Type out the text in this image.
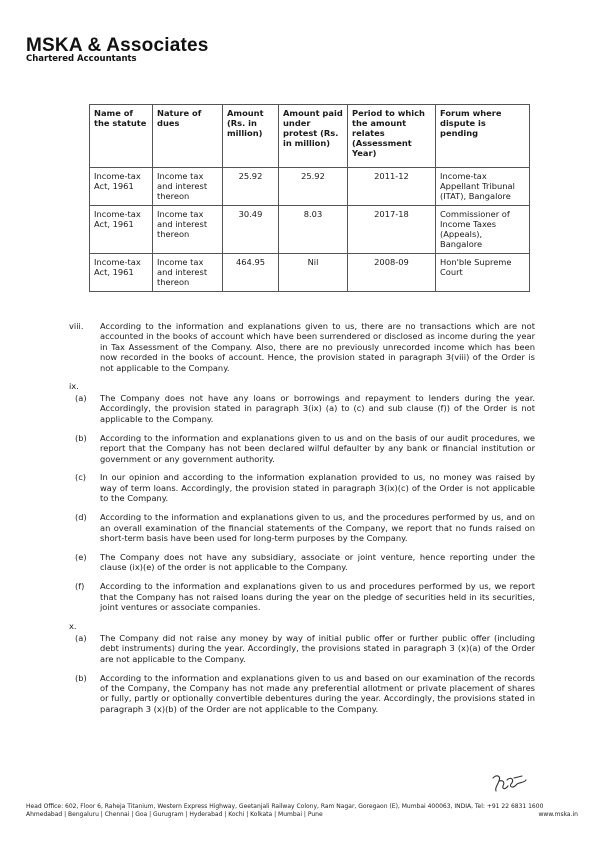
MSKA & Associates
Chartered Accountants
Name of the statute	Nature of dues	Amount (Rs. in million)	Amount paid under protest (Rs. in million)	Period to which the amount relates (Assessment Year)	Forum where dispute is pending
Income-tax Act, 1961	Income tax and interest thereon	25.92	25.92	2011-12	Income-tax Appellant Tribunal (ITAT), Bangalore
Income-tax Act, 1961	Income tax and interest thereon	30.49	8.03	2017-18	Commissioner of Income Taxes (Appeals), Bangalore
Income-tax Act, 1961	Income tax and interest thereon	464.95	Nil	2008-09	Hon'ble Supreme Court
viii.	According to the information and explanations given to us, there are no transactions which are not accounted in the books of account which have been surrendered or disclosed as income during the year in Tax Assessment of the Company. Also, there are no previously unrecorded income which has been now recorded in the books of account. Hence, the provision stated in paragraph 3(viii) of the Order is not applicable to the Company.
ix.
(a)	The Company does not have any loans or borrowings and repayment to lenders during the year. Accordingly, the provision stated in paragraph 3(ix) (a) to (c) and sub clause (f)) of the Order is not applicable to the Company.
(b)	According to the information and explanations given to us and on the basis of our audit procedures, we report that the Company has not been declared wilful defaulter by any bank or financial institution or government or any government authority.
(c)	In our opinion and according to the information explanation provided to us, no money was raised by way of term loans. Accordingly, the provision stated in paragraph 3(ix)(c) of the Order is not applicable to the Company.
(d)	According to the information and explanations given to us, and the procedures performed by us, and on an overall examination of the financial statements of the Company, we report that no funds raised on short-term basis have been used for long-term purposes by the Company.
(e)	The Company does not have any subsidiary, associate or joint venture, hence reporting under the clause (ix)(e) of the order is not applicable to the Company.
(f)	According to the information and explanations given to us and procedures performed by us, we report that the Company has not raised loans during the year on the pledge of securities held in its securities, joint ventures or associate companies.
x.
(a)	The Company did not raise any money by way of initial public offer or further public offer (including debt instruments) during the year. Accordingly, the provisions stated in paragraph 3 (x)(a) of the Order are not applicable to the Company.
(b)	According to the information and explanations given to us and based on our examination of the records of the Company, the Company has not made any preferential allotment or private placement of shares or fully, partly or optionally convertible debentures during the year. Accordingly, the provisions stated in paragraph 3 (x)(b) of the Order are not applicable to the Company.
Head Office: 602, Floor 6, Raheja Titanium, Western Express Highway, Geetanjali Railway Colony, Ram Nagar, Goregaon (E), Mumbai 400063, INDIA, Tel: +91 22 6831 1600
Ahmedabad | Bengaluru | Chennai | Goa | Gurugram | Hyderabad | Kochi | Kolkata | Mumbai | Pune	www.mska.in
